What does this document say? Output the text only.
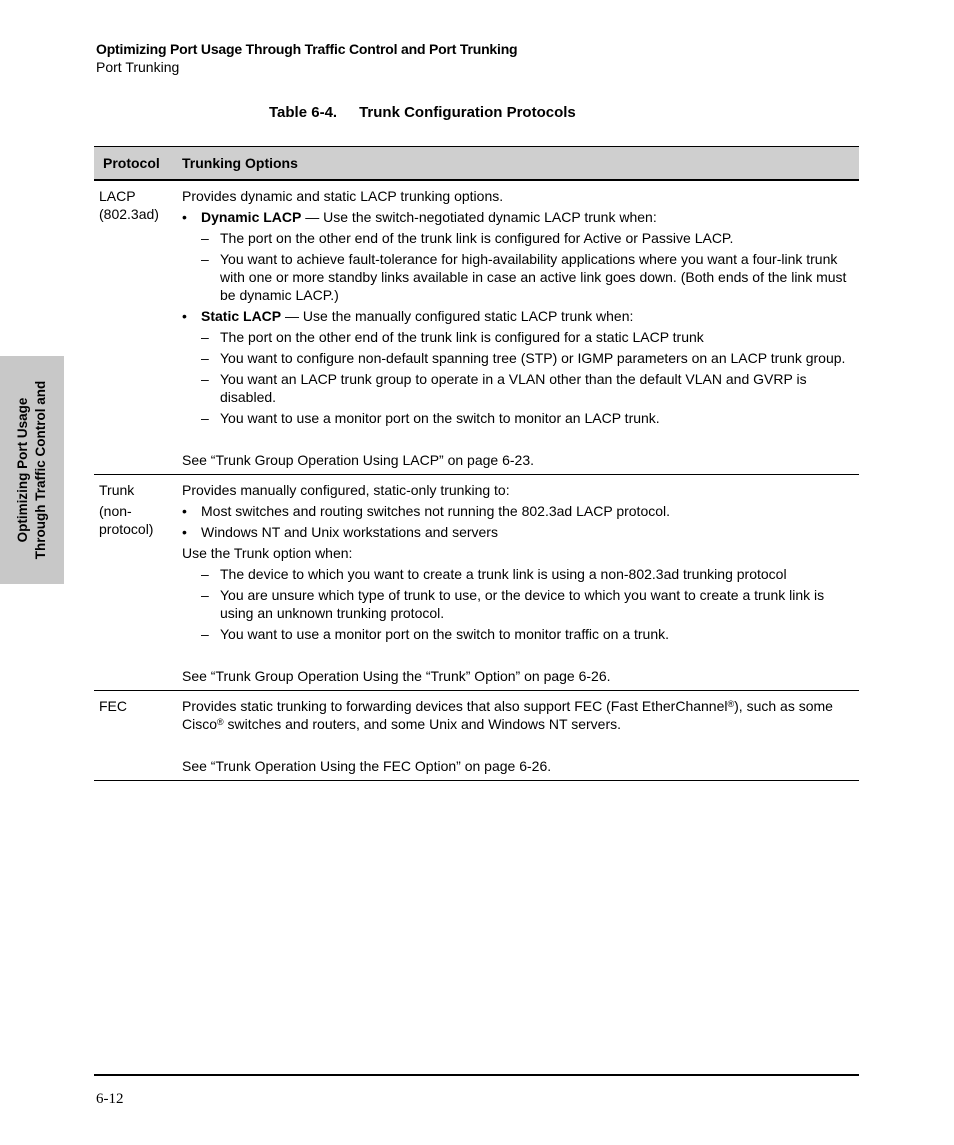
Optimizing Port Usage Through Traffic Control and Port Trunking
Port Trunking
Optimizing Port Usage Through Traffic Control and
Table 6-4. Trunk Configuration Protocols
Protocol Trunking Options
LACP
(802.3ad)
Provides dynamic and static LACP trunking options.
• Dynamic LACP — Use the switch-negotiated dynamic LACP trunk when:
– The port on the other end of the trunk link is configured for Active or Passive LACP.
– You want to achieve fault-tolerance for high-availability applications where you want a four-link trunk with one or more standby links available in case an active link goes down. (Both ends of the link must be dynamic LACP.)
• Static LACP — Use the manually configured static LACP trunk when:
– The port on the other end of the trunk link is configured for a static LACP trunk
– You want to configure non-default spanning tree (STP) or IGMP parameters on an LACP trunk group.
– You want an LACP trunk group to operate in a VLAN other than the default VLAN and GVRP is disabled.
– You want to use a monitor port on the switch to monitor an LACP trunk.
See “Trunk Group Operation Using LACP” on page 6-23.
Trunk
(non-
protocol)
Provides manually configured, static-only trunking to:
• Most switches and routing switches not running the 802.3ad LACP protocol.
• Windows NT and Unix workstations and servers
Use the Trunk option when:
– The device to which you want to create a trunk link is using a non-802.3ad trunking protocol
– You are unsure which type of trunk to use, or the device to which you want to create a trunk link is using an unknown trunking protocol.
– You want to use a monitor port on the switch to monitor traffic on a trunk.
See “Trunk Group Operation Using the “Trunk” Option” on page 6-26.
FEC	Provides static trunking to forwarding devices that also support FEC (Fast EtherChannel®), such as some Cisco® switches and routers, and some Unix and Windows NT servers.
See “Trunk Operation Using the FEC Option” on page 6-26.
6-12
